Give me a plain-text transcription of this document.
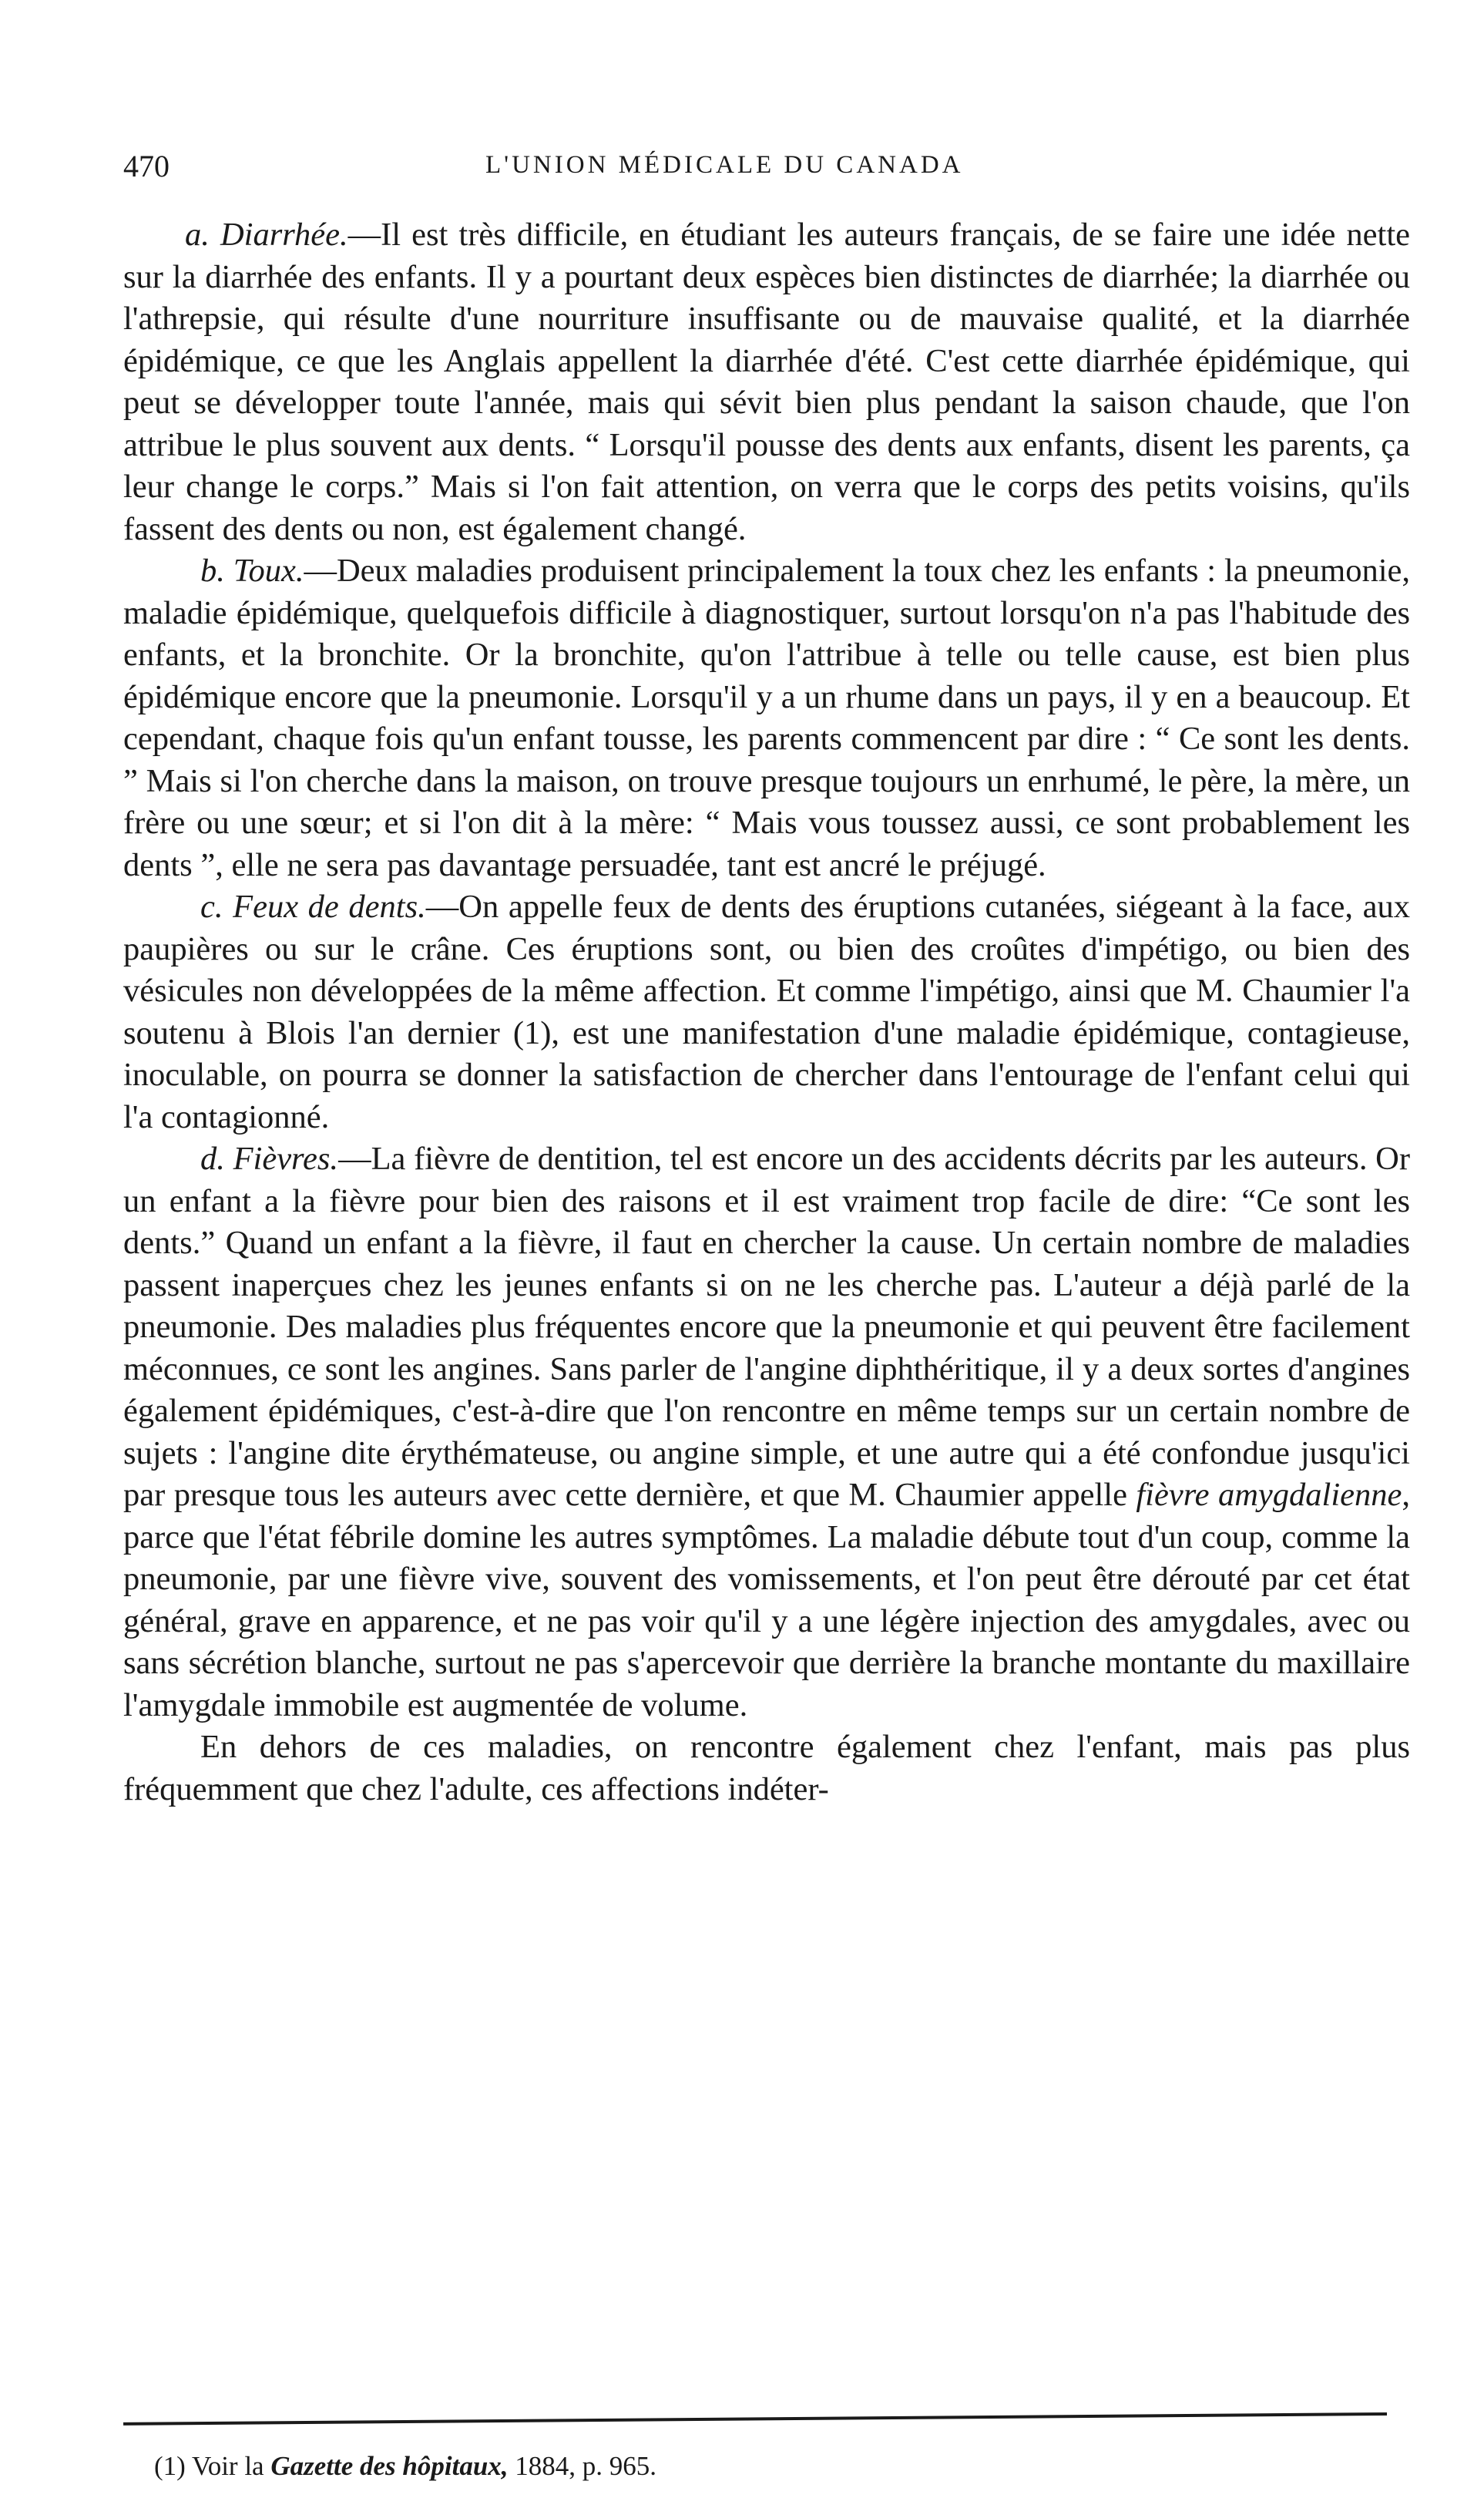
470	L'UNION MÉDICALE DU CANADA

a. Diarrhée.—Il est très difficile, en étudiant les auteurs français, de se faire une idée nette sur la diarrhée des enfants. Il y a pourtant deux espèces bien distinctes de diarrhée; la diarrhée ou l'athrepsie, qui résulte d'une nourriture insuffisante ou de mauvaise qualité, et la diarrhée épidémique, ce que les Anglais appellent la diarrhée d'été. C'est cette diarrhée épidémique, qui peut se développer toute l'année, mais qui sévit bien plus pendant la saison chaude, que l'on attribue le plus souvent aux dents. “ Lorsqu'il pousse des dents aux enfants, disent les parents, ça leur change le corps.” Mais si l'on fait attention, on verra que le corps des petits voisins, qu'ils fassent des dents ou non, est également changé.

b. Toux.—Deux maladies produisent principalement la toux chez les enfants : la pneumonie, maladie épidémique, quelquefois difficile à diagnostiquer, surtout lorsqu'on n'a pas l'habitude des enfants, et la bronchite. Or la bronchite, qu'on l'attribue à telle ou telle cause, est bien plus épidémique encore que la pneumonie. Lorsqu'il y a un rhume dans un pays, il y en a beaucoup. Et cependant, chaque fois qu'un enfant tousse, les parents commencent par dire : “ Ce sont les dents. ” Mais si l'on cherche dans la maison, on trouve presque toujours un enrhumé, le père, la mère, un frère ou une sœur; et si l'on dit à la mère: “ Mais vous toussez aussi, ce sont probablement les dents ”, elle ne sera pas davantage persuadée, tant est ancré le préjugé.

c. Feux de dents.—On appelle feux de dents des éruptions cutanées, siégeant à la face, aux paupières ou sur le crâne. Ces éruptions sont, ou bien des croûtes d'impétigo, ou bien des vésicules non développées de la même affection. Et comme l'impétigo, ainsi que M. Chaumier l'a soutenu à Blois l'an dernier (1), est une manifestation d'une maladie épidémique, contagieuse, inoculable, on pourra se donner la satisfaction de chercher dans l'entourage de l'enfant celui qui l'a contagionné.

d. Fièvres.—La fièvre de dentition, tel est encore un des accidents décrits par les auteurs. Or un enfant a la fièvre pour bien des raisons et il est vraiment trop facile de dire: “Ce sont les dents.” Quand un enfant a la fièvre, il faut en chercher la cause. Un certain nombre de maladies passent inaperçues chez les jeunes enfants si on ne les cherche pas. L'auteur a déjà parlé de la pneumonie. Des maladies plus fréquentes encore que la pneumonie et qui peuvent être facilement méconnues, ce sont les angines. Sans parler de l'angine diphthéritique, il y a deux sortes d'angines également épidémiques, c'est-à-dire que l'on rencontre en même temps sur un certain nombre de sujets : l'angine dite érythémateuse, ou angine simple, et une autre qui a été confondue jusqu'ici par presque tous les auteurs avec cette dernière, et que M. Chaumier appelle fièvre amygdalienne, parce que l'état fébrile domine les autres symptômes. La maladie débute tout d'un coup, comme la pneumonie, par une fièvre vive, souvent des vomissements, et l'on peut être dérouté par cet état général, grave en apparence, et ne pas voir qu'il y a une légère injection des amygdales, avec ou sans sécrétion blanche, surtout ne pas s'apercevoir que derrière la branche montante du maxillaire l'amygdale immobile est augmentée de volume.

En dehors de ces maladies, on rencontre également chez l'enfant, mais pas plus fréquemment que chez l'adulte, ces affections indéter-

(1) Voir la Gazette des hôpitaux, 1884, p. 965.
